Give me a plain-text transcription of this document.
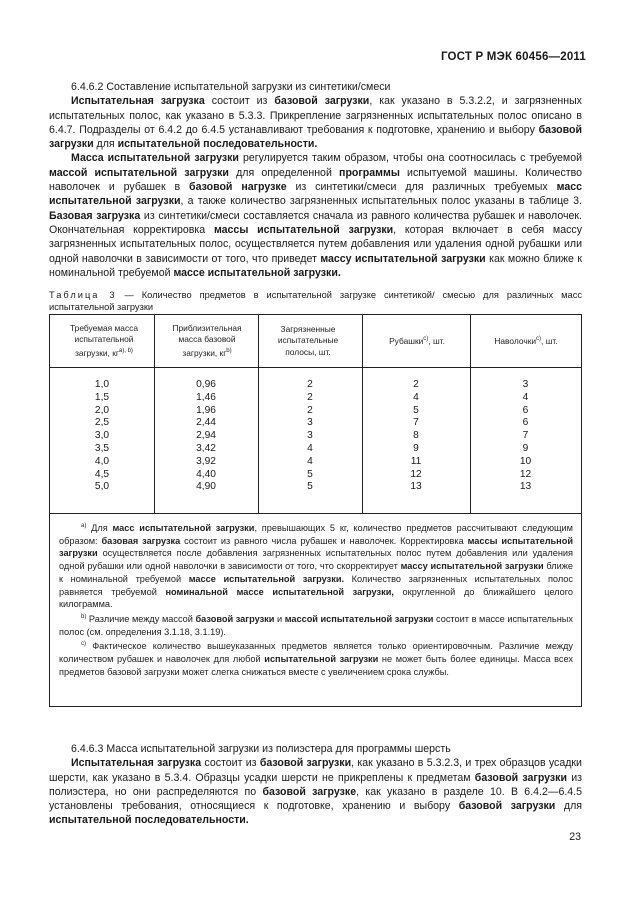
ГОСТ Р МЭК 60456—2011

6.4.6.2 Составление испытательной загрузки из синтетики/смеси

Испытательная загрузка состоит из базовой загрузки, как указано в 5.3.2.2, и загрязненных испытательных полос, как указано в 5.3.3. Прикрепление загрязненных испытательных полос описано в 6.4.7. Подразделы от 6.4.2 до 6.4.5 устанавливают требования к подготовке, хранению и выбору базовой загрузки для испытательной последовательности.

Масса испытательной загрузки регулируется таким образом, чтобы она соотносилась с требуемой массой испытательной загрузки для определенной программы испытуемой машины. Количество наволочек и рубашек в базовой нагрузке из синтетики/смеси для различных требуемых масс испытательной загрузки, а также количество загрязненных испытательных полос указаны в таблице 3. Базовая загрузка из синтетики/смеси составляется сначала из равного количества рубашек и наволочек. Окончательная корректировка массы испытательной загрузки, которая включает в себя массу загрязненных испытательных полос, осуществляется путем добавления или удаления одной рубашки или одной наволочки в зависимости от того, что приведет массу испытательной загрузки как можно ближе к номинальной требуемой массе испытательной загрузки.

Таблица 3 — Количество предметов в испытательной загрузке синтетикой/ смесью для различных масс испытательной загрузки
Требуемая масса испытательной загрузки, $кг^{a), b)}$
Приблизительная масса базовой загрузки, $кг^{b)}$
Загрязненные испытательные полосы, шт.
Рубашки$^{c)}$, шт.	Наволочки$^{c)}$, шт.
1,0
1,5
2,0
2,5
3,0
3,5
4,0
4,5
5,0
0,96
1,46
1,96
2,44
2,94
3,42
3,92
4,40
4,90
2
2
2
3
3
4
4
5
5
2
4
5
7
8
9
11
12
13
3
4
6
6
7
9
10
12
13

$^{a)}$ Для масс испытательной загрузки, превышающих 5 кг, количество предметов рассчитывают следующим образом: базовая загрузка состоит из равного числа рубашек и наволочек. Корректировка массы испытательной загрузки осуществляется после добавления загрязненных испытательных полос путем добавления или удаления одной рубашки или одной наволочки в зависимости от того, что скорректирует массу испытательной загрузки ближе к номинальной требуемой массе испытательной загрузки. Количество загрязненных испытательных полос равняется требуемой номинальной массе испытательной загрузки, округленной до ближайшего целого килограмма.

$^{b)}$ Различие между массой базовой загрузки и массой испытательной загрузки состоит в массе испытательных полос (см. определения 3.1.18, 3.1.19).

$^{c)}$ Фактическое количество вышеуказанных предметов является только ориентировочным. Различие между количеством рубашек и наволочек для любой испытательной загрузки не может быть более единицы. Масса всех предметов базовой загрузки может слегка снижаться вместе с увеличением срока службы.

6.4.6.3 Масса испытательной загрузки из полиэстера для программы шерсть

Испытательная загрузка состоит из базовой загрузки, как указано в 5.3.2.3, и трех образцов усадки шерсти, как указано в 5.3.4. Образцы усадки шерсти не прикреплены к предметам базовой загрузки из полиэстера, но они распределяются по базовой загрузке, как указано в разделе 10. В 6.4.2—6.4.5 установлены требования, относящиеся к подготовке, хранению и выбору базовой загрузки для испытательной последовательности.

23
